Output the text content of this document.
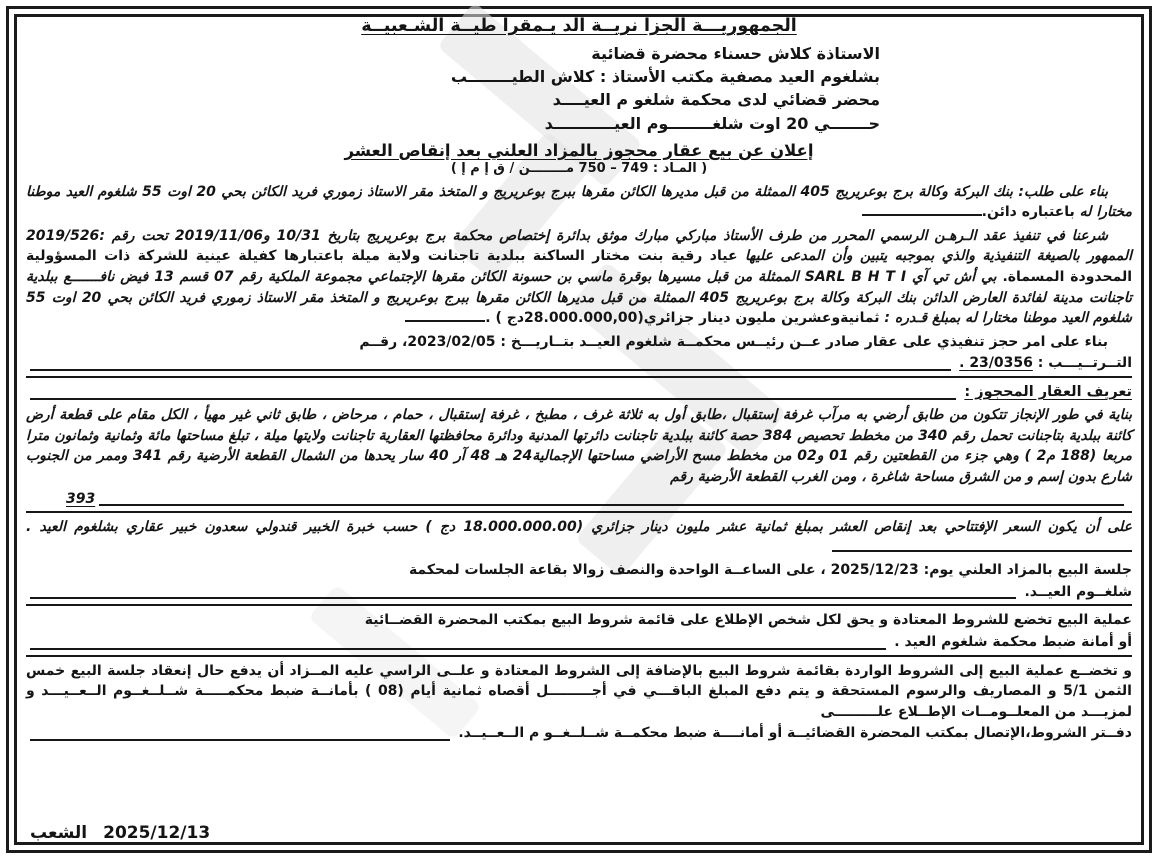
الجمهوريـــة الجزا نريــة الد يـمقرا طيــة الشـعبيــة
الاستاذة كلاش حسناء محضرة قضائية
بشلغوم العيد مصفية مكتب الأستاذ : كلاش الطيــــــــب
محضر قضائي لدى محكمة شلغو م العيــــد
حـــــــي 20 اوت شلغــــــــوم العيـــــــــــد
إعلان عن بيع عقار محجوز بالمزاد العلني بعد إنقاص العشر
( المـاد : 749 – 750 مــــــــن / ق إ م إ )

بناء على طلب: بنك البركة وكالة برج بوعريريج 405 الممثلة من قبل مديرها الكائن مقرها ببرج بوعريريج و المتخذ مقر الاستاذ زموري فريد الكائن بحي 20 اوت 55 شلغوم العيد موطنا مختارا له باعتباره دائن.

شرعنا في تنفيذ عقد الـرهـن الرسمي المحرر من طرف الأستاذ مباركي مبارك موثق بدائرة إختصاص محكمة برج بوعريريج بتاريخ 10/31 و2019/11/06 تحت رقم :2019/526 الممهور بالصيغة التنفيذية والذي بموجبه يتبين وأن المدعى عليها عياد رقية بنت مختار الساكنة ببلدية تاجنانت ولاية ميلة باعتبارها كفيلة عينية للشركة ذات المسؤولية المحدودة المسماة. بي أش تي آي SARL B H T I الممثلة من قبل مسيرها بوقرة ماسي بن حسونة الكائن مقرها الإجتماعي مجموعة الملكية رقم 07 قسم 13 فيض نافـــــــع ببلدية تاجنانت مدينة لفائدة العارض الدائن بنك البركة وكالة برج بوعريريج 405 الممثلة من قبل مديرها الكائن مقرها ببرج بوعريريج و المتخذ مقر الاستاذ زموري فريد الكائن بحي 20 اوت 55 شلغوم العيد موطنا مختارا له بمبلغ قـدره : ثمانيةوعشرين مليون دينار جزائري(28.000.000,00دج ) .

بناء على امر حجز تنفيذي على عقار صادر عــن رئيــس محكمــة شلغوم العيــد بتــاريـــخ : 2023/02/05، رقــم

التــرتــيـــب :

23/0356 .
تعريف العقار المحجوز :

بناية في طور الإنجاز تتكون من طابق أرضي به مرآب غرفة إستقبال ،طابق أول به ثلاثة غرف ، مطبخ ، غرفة إستقبال ، حمام ، مرحاض ، طابق ثاني غير مهيأ ، الكل مقام على قطعة أرض كائنة ببلدية بتاجنانت تحمل رقم 340 من مخطط تحصيص 384 حصة كائنة ببلدية تاجنانت دائرتها المدنية ودائرة محافظتها العقارية تاجنانت ولايتها ميلة ، تبلغ مساحتها مائة وثمانية وثمانون مترا مربعا (188 م2 ) وهي جزء من القطعتين رقم 01 و02 من مخطط مسح الأراضي مساحتها الإجمالية24 هـ 48 آر 40 سار يحدها من الشمال القطعة الأرضية رقم 341 وممر من الجنوب شارع بدون إسم و من الشرق مساحة شاغرة ، ومن الغرب القطعة الأرضية رقم

393

على أن يكون السعر الإفتتاحي بعد إنقاص العشر بمبلغ ثمانية عشر مليون دينار جزائري (18.000.000.00 دج ) حسب خبرة الخبير قندولي سعدون خبير عقاري بشلغوم العيد .

جلسة البيع بالمزاد العلني يوم: 2025/12/23 ، على الساعــة الواحدة والنصف زوالا بقاعة الجلسات لمحكمة

شلغــوم العيــد.

عملية البيع تخضع للشروط المعتادة و يحق لكل شخص الإطلاع على قائمة شروط البيع بمكتب المحضرة القضــائية

أو أمانة ضبط محكمة شلغوم العيد .

و تخضــع عملية البيع إلى الشروط الواردة بقائمة شروط البيع بالإضافة إلى الشروط المعتادة و علــى الراسي عليه المــزاد أن يدفع حال إنعقاد جلسة البيع خمس الثمن 5/1 و المصاريف والرسوم المستحقة و يتم دفع المبلغ الباقـــي في أجـــــــــل أقصاه ثمانية أيام (08 ) بأمانــة ضبط محكمـــــة شــلــغــوم الــعــيـــد و لمزيـــد من المعلــومــات الإطــلاع علـــــــــى

دفــتر الشروط،الإتصال بمكتب المحضرة القضائيــة أو أمانــــة ضبط محكمــة شــلــغــو م الــعــيــد.
الشعب 2025/12/13
